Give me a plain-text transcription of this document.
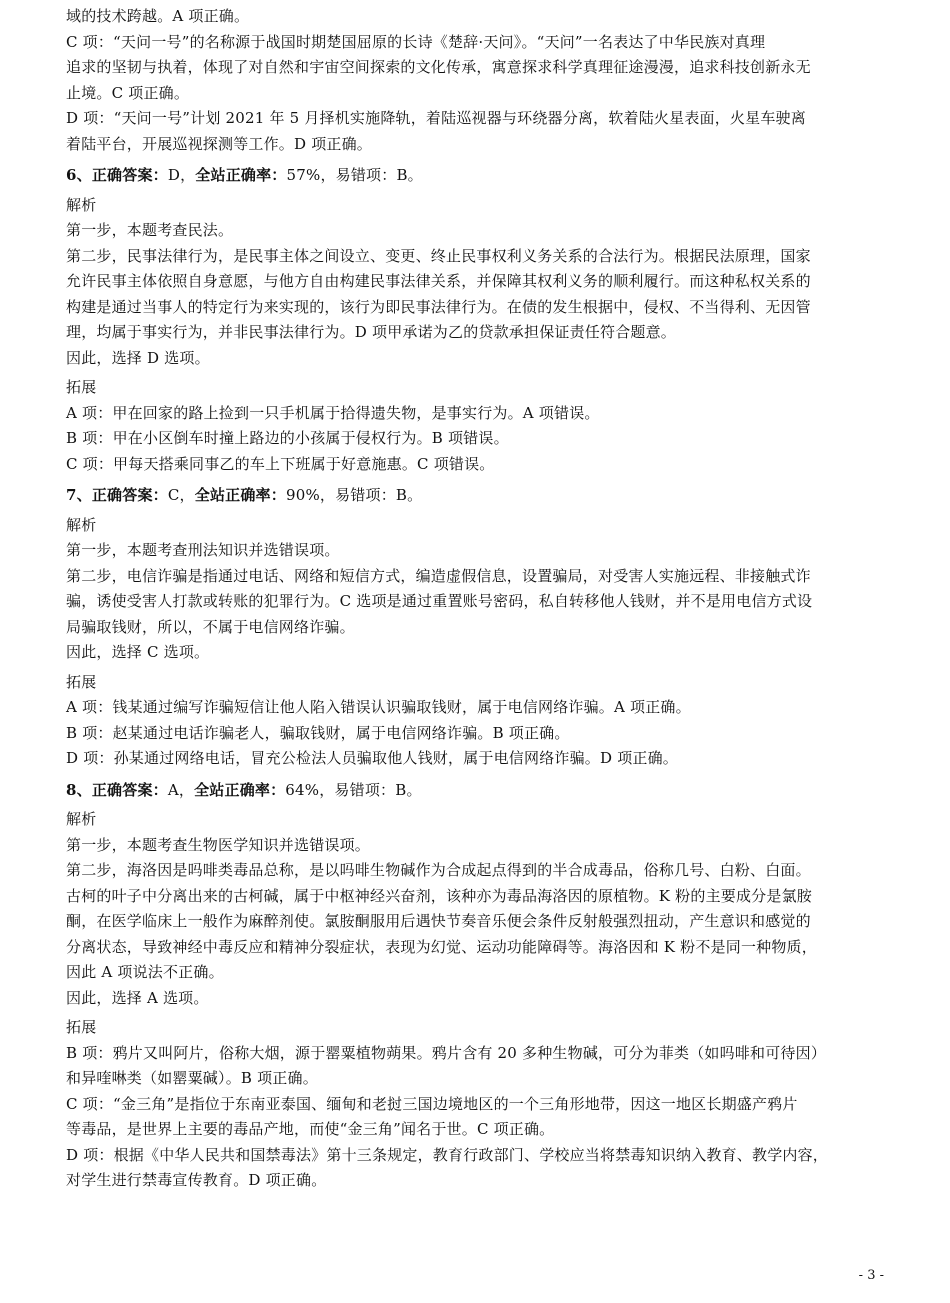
域的技术跨越。A 项正确。
C 项：“天问一号”的名称源于战国时期楚国屈原的长诗《楚辞·天问》。“天问”一名表达了中华民族对真理
追求的坚韧与执着，体现了对自然和宇宙空间探索的文化传承，寓意探求科学真理征途漫漫，追求科技创新永无
止境。C 项正确。
D 项：“天问一号”计划 2021 年 5 月择机实施降轨，着陆巡视器与环绕器分离，软着陆火星表面，火星车驶离
着陆平台，开展巡视探测等工作。D 项正确。
6、正确答案：D，全站正确率：57%，易错项：B。
解析
第一步，本题考查民法。
第二步，民事法律行为，是民事主体之间设立、变更、终止民事权利义务关系的合法行为。根据民法原理，国家
允许民事主体依照自身意愿，与他方自由构建民事法律关系，并保障其权利义务的顺利履行。而这种私权关系的
构建是通过当事人的特定行为来实现的，该行为即民事法律行为。在债的发生根据中，侵权、不当得利、无因管
理，均属于事实行为，并非民事法律行为。D 项甲承诺为乙的贷款承担保证责任符合题意。
因此，选择 D 选项。
拓展
A 项：甲在回家的路上捡到一只手机属于拾得遗失物，是事实行为。A 项错误。
B 项：甲在小区倒车时撞上路边的小孩属于侵权行为。B 项错误。
C 项：甲每天搭乘同事乙的车上下班属于好意施惠。C 项错误。
7、正确答案：C，全站正确率：90%，易错项：B。
解析
第一步，本题考查刑法知识并选错误项。
第二步，电信诈骗是指通过电话、网络和短信方式，编造虚假信息，设置骗局，对受害人实施远程、非接触式诈
骗，诱使受害人打款或转账的犯罪行为。C 选项是通过重置账号密码，私自转移他人钱财，并不是用电信方式设
局骗取钱财，所以，不属于电信网络诈骗。
因此，选择 C 选项。
拓展
A 项：钱某通过编写诈骗短信让他人陷入错误认识骗取钱财，属于电信网络诈骗。A 项正确。
B 项：赵某通过电话诈骗老人，骗取钱财，属于电信网络诈骗。B 项正确。
D 项：孙某通过网络电话，冒充公检法人员骗取他人钱财，属于电信网络诈骗。D 项正确。
8、正确答案：A，全站正确率：64%，易错项：B。
解析
第一步，本题考查生物医学知识并选错误项。
第二步，海洛因是吗啡类毒品总称，是以吗啡生物碱作为合成起点得到的半合成毒品，俗称几号、白粉、白面。
古柯的叶子中分离出来的古柯碱，属于中枢神经兴奋剂，该种亦为毒品海洛因的原植物。K 粉的主要成分是氯胺
酮，在医学临床上一般作为麻醉剂使。氯胺酮服用后遇快节奏音乐便会条件反射般强烈扭动，产生意识和感觉的
分离状态，导致神经中毒反应和精神分裂症状，表现为幻觉、运动功能障碍等。海洛因和 K 粉不是同一种物质，
因此 A 项说法不正确。
因此，选择 A 选项。
拓展
B 项：鸦片又叫阿片，俗称大烟，源于罂粟植物蒴果。鸦片含有 20 多种生物碱，可分为菲类（如吗啡和可待因）
和异喹啉类（如罂粟碱）。B 项正确。
C 项：“金三角”是指位于东南亚泰国、缅甸和老挝三国边境地区的一个三角形地带，因这一地区长期盛产鸦片
等毒品，是世界上主要的毒品产地，而使“金三角”闻名于世。C 项正确。
D 项：根据《中华人民共和国禁毒法》第十三条规定，教育行政部门、学校应当将禁毒知识纳入教育、教学内容，
对学生进行禁毒宣传教育。D 项正确。
- 3 -
